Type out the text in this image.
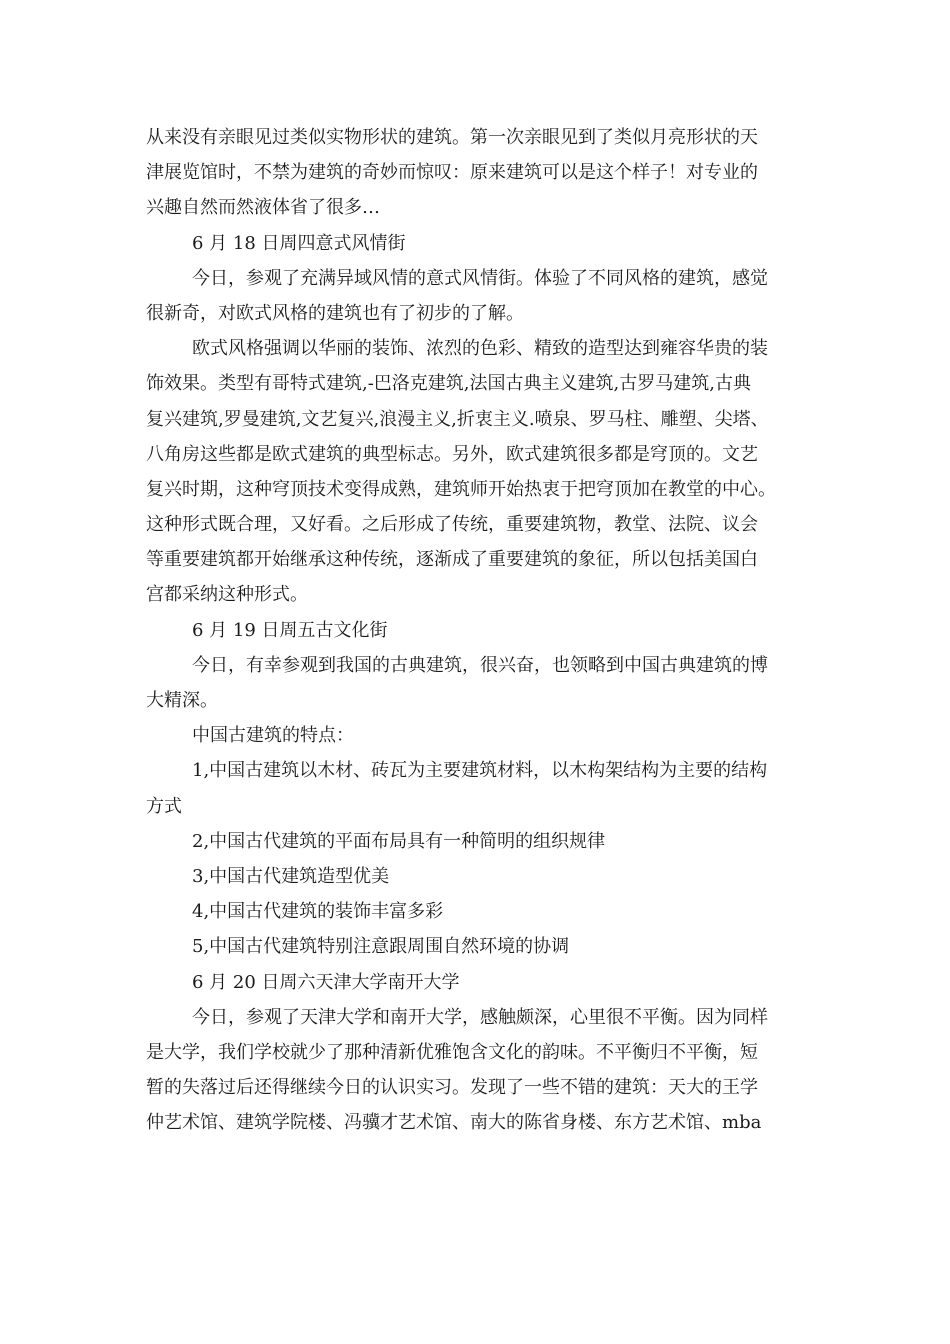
从来没有亲眼见过类似实物形状的建筑。第一次亲眼见到了类似月亮形状的天
津展览馆时，不禁为建筑的奇妙而惊叹：原来建筑可以是这个样子！对专业的
兴趣自然而然液体省了很多…
6 月 18 日周四意式风情街
今日，参观了充满异域风情的意式风情街。体验了不同风格的建筑，感觉
很新奇，对欧式风格的建筑也有了初步的了解。
欧式风格强调以华丽的装饰、浓烈的色彩、精致的造型达到雍容华贵的装
饰效果。类型有哥特式建筑,-巴洛克建筑,法国古典主义建筑,古罗马建筑,古典
复兴建筑,罗曼建筑,文艺复兴,浪漫主义,折衷主义.喷泉、罗马柱、雕塑、尖塔、
八角房这些都是欧式建筑的典型标志。另外，欧式建筑很多都是穹顶的。文艺
复兴时期，这种穹顶技术变得成熟，建筑师开始热衷于把穹顶加在教堂的中心。
这种形式既合理，又好看。之后形成了传统，重要建筑物，教堂、法院、议会
等重要建筑都开始继承这种传统，逐渐成了重要建筑的象征，所以包括美国白
宫都采纳这种形式。
6 月 19 日周五古文化街
今日，有幸参观到我国的古典建筑，很兴奋，也领略到中国古典建筑的博
大精深。
中国古建筑的特点：
1,中国古建筑以木材、砖瓦为主要建筑材料，以木构架结构为主要的结构
方式
2,中国古代建筑的平面布局具有一种简明的组织规律
3,中国古代建筑造型优美
4,中国古代建筑的装饰丰富多彩
5,中国古代建筑特别注意跟周围自然环境的协调
6 月 20 日周六天津大学南开大学
今日，参观了天津大学和南开大学，感触颇深，心里很不平衡。因为同样
是大学，我们学校就少了那种清新优雅饱含文化的韵味。不平衡归不平衡，短
暂的失落过后还得继续今日的认识实习。发现了一些不错的建筑：天大的王学
仲艺术馆、建筑学院楼、冯骥才艺术馆、南大的陈省身楼、东方艺术馆、mba
